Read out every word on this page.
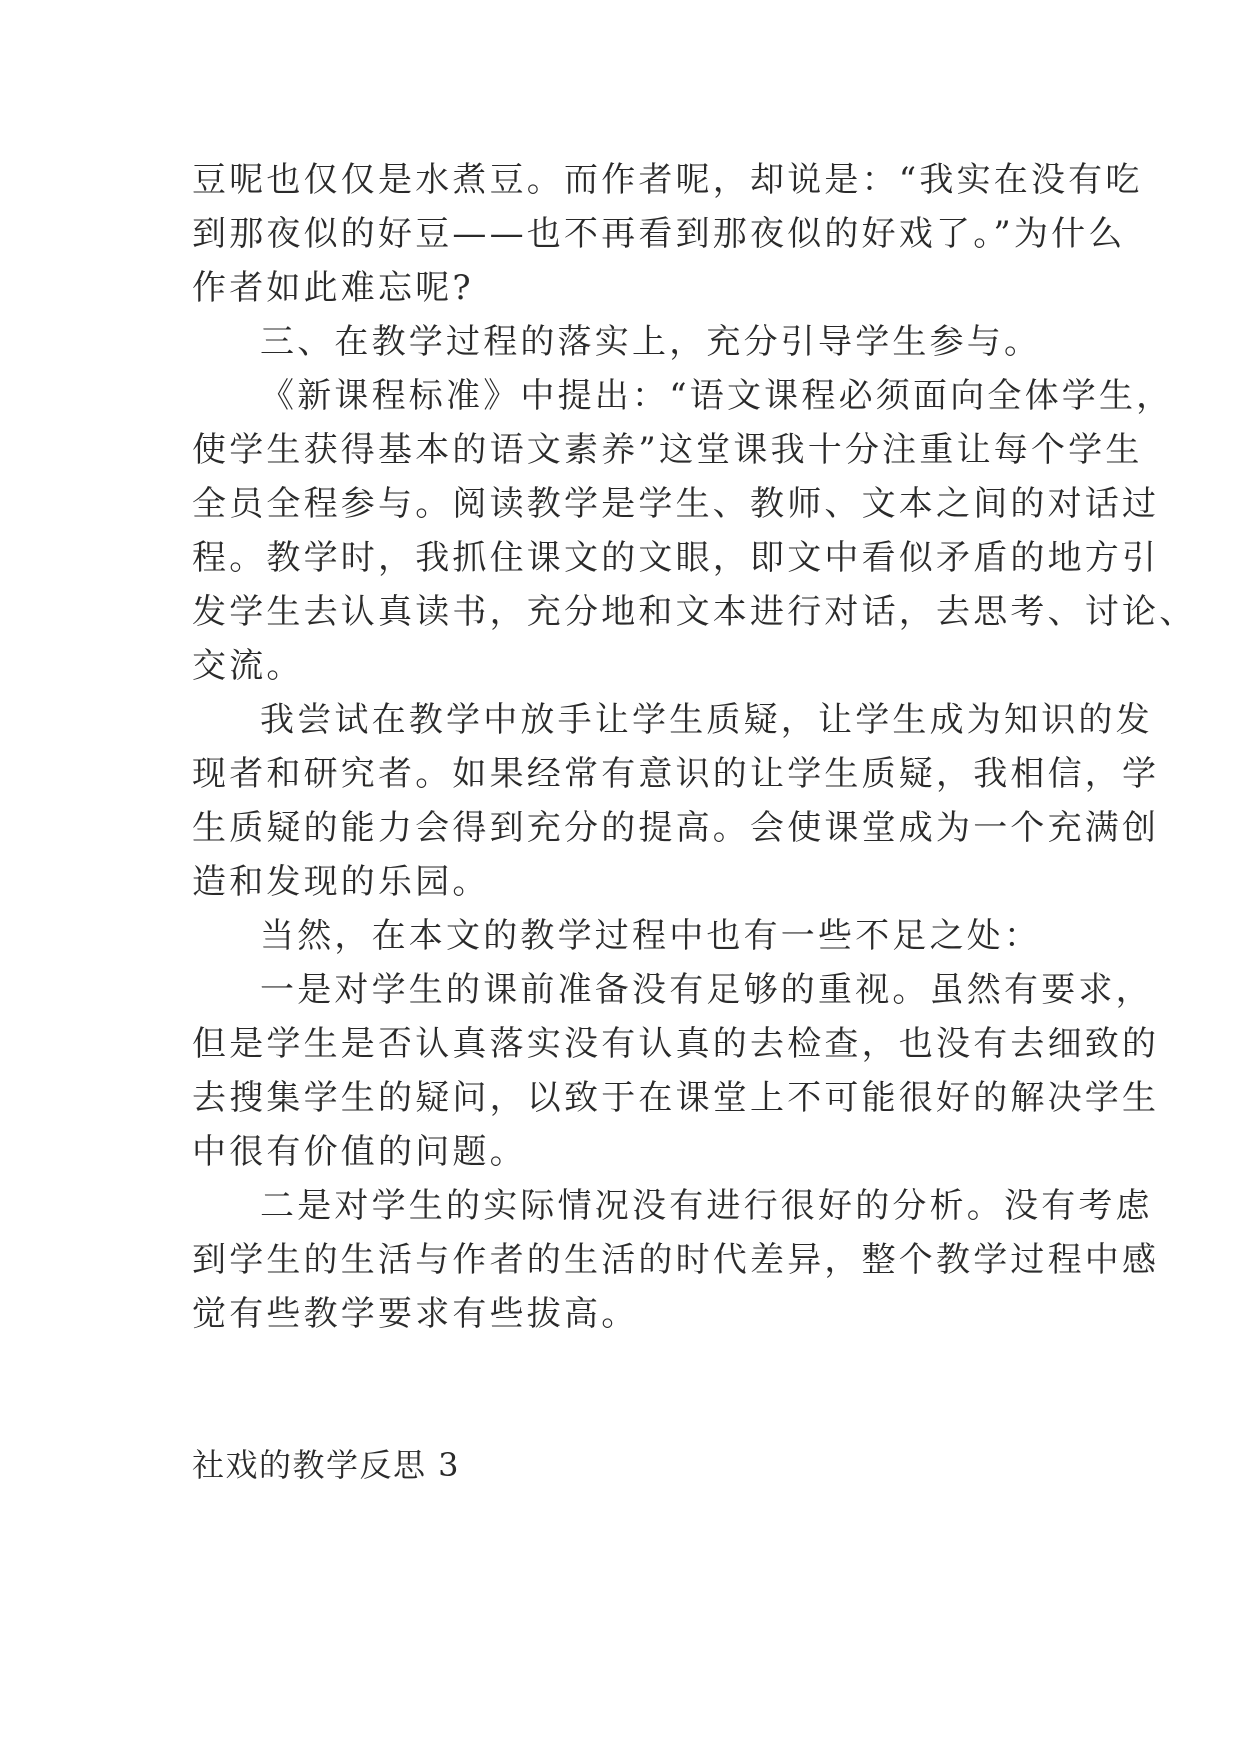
豆呢也仅仅是水煮豆。而作者呢，却说是：“我实在没有吃
到那夜似的好豆——也不再看到那夜似的好戏了。”为什么
作者如此难忘呢?
三、在教学过程的落实上，充分引导学生参与。
《新课程标准》中提出：“语文课程必须面向全体学生，
使学生获得基本的语文素养”这堂课我十分注重让每个学生
全员全程参与。阅读教学是学生、教师、文本之间的对话过
程。教学时，我抓住课文的文眼，即文中看似矛盾的地方引
发学生去认真读书，充分地和文本进行对话，去思考、讨论、
交流。
我尝试在教学中放手让学生质疑，让学生成为知识的发
现者和研究者。如果经常有意识的让学生质疑，我相信，学
生质疑的能力会得到充分的提高。会使课堂成为一个充满创
造和发现的乐园。
当然，在本文的教学过程中也有一些不足之处：
一是对学生的课前准备没有足够的重视。虽然有要求，
但是学生是否认真落实没有认真的去检查，也没有去细致的
去搜集学生的疑问，以致于在课堂上不可能很好的解决学生
中很有价值的问题。
二是对学生的实际情况没有进行很好的分析。没有考虑
到学生的生活与作者的生活的时代差异，整个教学过程中感
觉有些教学要求有些拔高。
社戏的教学反思 3
